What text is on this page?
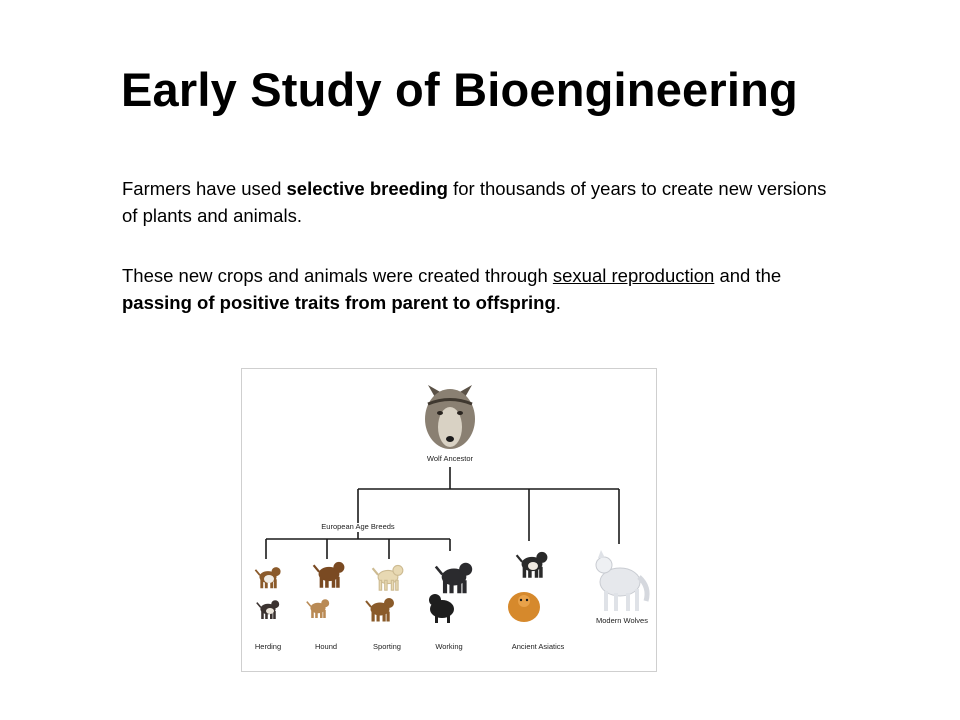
Early Study of Bioengineering

Farmers have used selective breeding for thousands of years to create new versions of plants and animals.

These new crops and animals were created through sexual reproduction and the passing of positive traits from parent to offspring.

Wolf Ancestor
European Age Breeds
Herding	Hound	Sporting	Working	Ancient Asiatics
Modern Wolves
